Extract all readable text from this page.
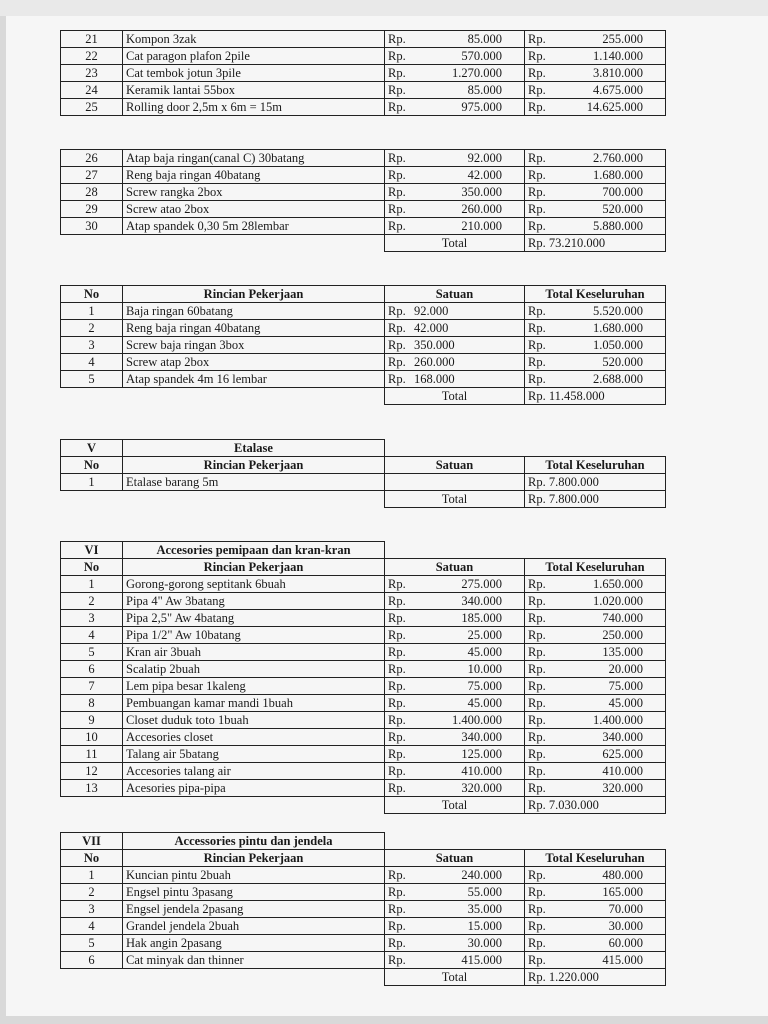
21	Kompon 3zak	Rp. 85.000	Rp. 255.000

22	Cat paragon plafon 2pile	Rp. 570.000	Rp. 1.140.000

23	Cat tembok jotun 3pile	Rp. 1.270.000	Rp. 3.810.000

24	Keramik lantai 55box	Rp. 85.000	Rp. 4.675.000

25	Rolling door 2,5m x 6m = 15m	Rp. 975.000	Rp. 14.625.000
26	Atap baja ringan(canal C) 30batang	Rp. 92.000	Rp. 2.760.000

27	Reng baja ringan 40batang	Rp. 42.000	Rp. 1.680.000

28	Screw rangka 2box	Rp. 350.000	Rp. 700.000

29	Screw atao 2box	Rp. 260.000	Rp. 520.000

30	Atap spandek 0,30 5m 28lembar	Rp. 210.000	Rp. 5.880.000

		Total	Rp. 73.210.000
No	Rincian Pekerjaan	Satuan	Total Keseluruhan
1	Baja ringan 60batang	Rp. 92.000	Rp. 5.520.000

2	Reng baja ringan 40batang	Rp. 42.000	Rp. 1.680.000

3	Screw baja ringan 3box	Rp. 350.000	Rp. 1.050.000

4	Screw atap 2box	Rp. 260.000	Rp. 520.000

5	Atap spandek 4m 16 lembar	Rp. 168.000	Rp. 2.688.000

		Total	Rp. 11.458.000
V	Etalase		
No	Rincian Pekerjaan	Satuan	Total Keseluruhan
1	Etalase barang 5m		Rp. 7.800.000
		Total	Rp. 7.800.000
VI	Accesories pemipaan dan kran-kran		
No	Rincian Pekerjaan	Satuan	Total Keseluruhan
1	Gorong-gorong septitank 6buah	Rp. 275.000	Rp. 1.650.000

2	Pipa 4" Aw 3batang	Rp. 340.000	Rp. 1.020.000

3	Pipa 2,5" Aw 4batang	Rp. 185.000	Rp. 740.000

4	Pipa 1/2" Aw 10batang	Rp. 25.000	Rp. 250.000

5	Kran air 3buah	Rp. 45.000	Rp. 135.000

6	Scalatip 2buah	Rp. 10.000	Rp. 20.000

7	Lem pipa besar 1kaleng	Rp. 75.000	Rp. 75.000

8	Pembuangan kamar mandi 1buah	Rp. 45.000	Rp. 45.000

9	Closet duduk toto 1buah	Rp. 1.400.000	Rp. 1.400.000

10	Accesories closet	Rp. 340.000	Rp. 340.000

11	Talang air 5batang	Rp. 125.000	Rp. 625.000

12	Accesories talang air	Rp. 410.000	Rp. 410.000

13	Acesories pipa-pipa	Rp. 320.000	Rp. 320.000

		Total	Rp. 7.030.000
VII	Accessories pintu dan jendela		
No	Rincian Pekerjaan	Satuan	Total Keseluruhan
1	Kuncian pintu 2buah	Rp. 240.000	Rp. 480.000

2	Engsel pintu 3pasang	Rp. 55.000	Rp. 165.000

3	Engsel jendela 2pasang	Rp. 35.000	Rp. 70.000

4	Grandel jendela 2buah	Rp. 15.000	Rp. 30.000

5	Hak angin 2pasang	Rp. 30.000	Rp. 60.000

6	Cat minyak dan thinner	Rp. 415.000	Rp. 415.000

		Total	Rp. 1.220.000
